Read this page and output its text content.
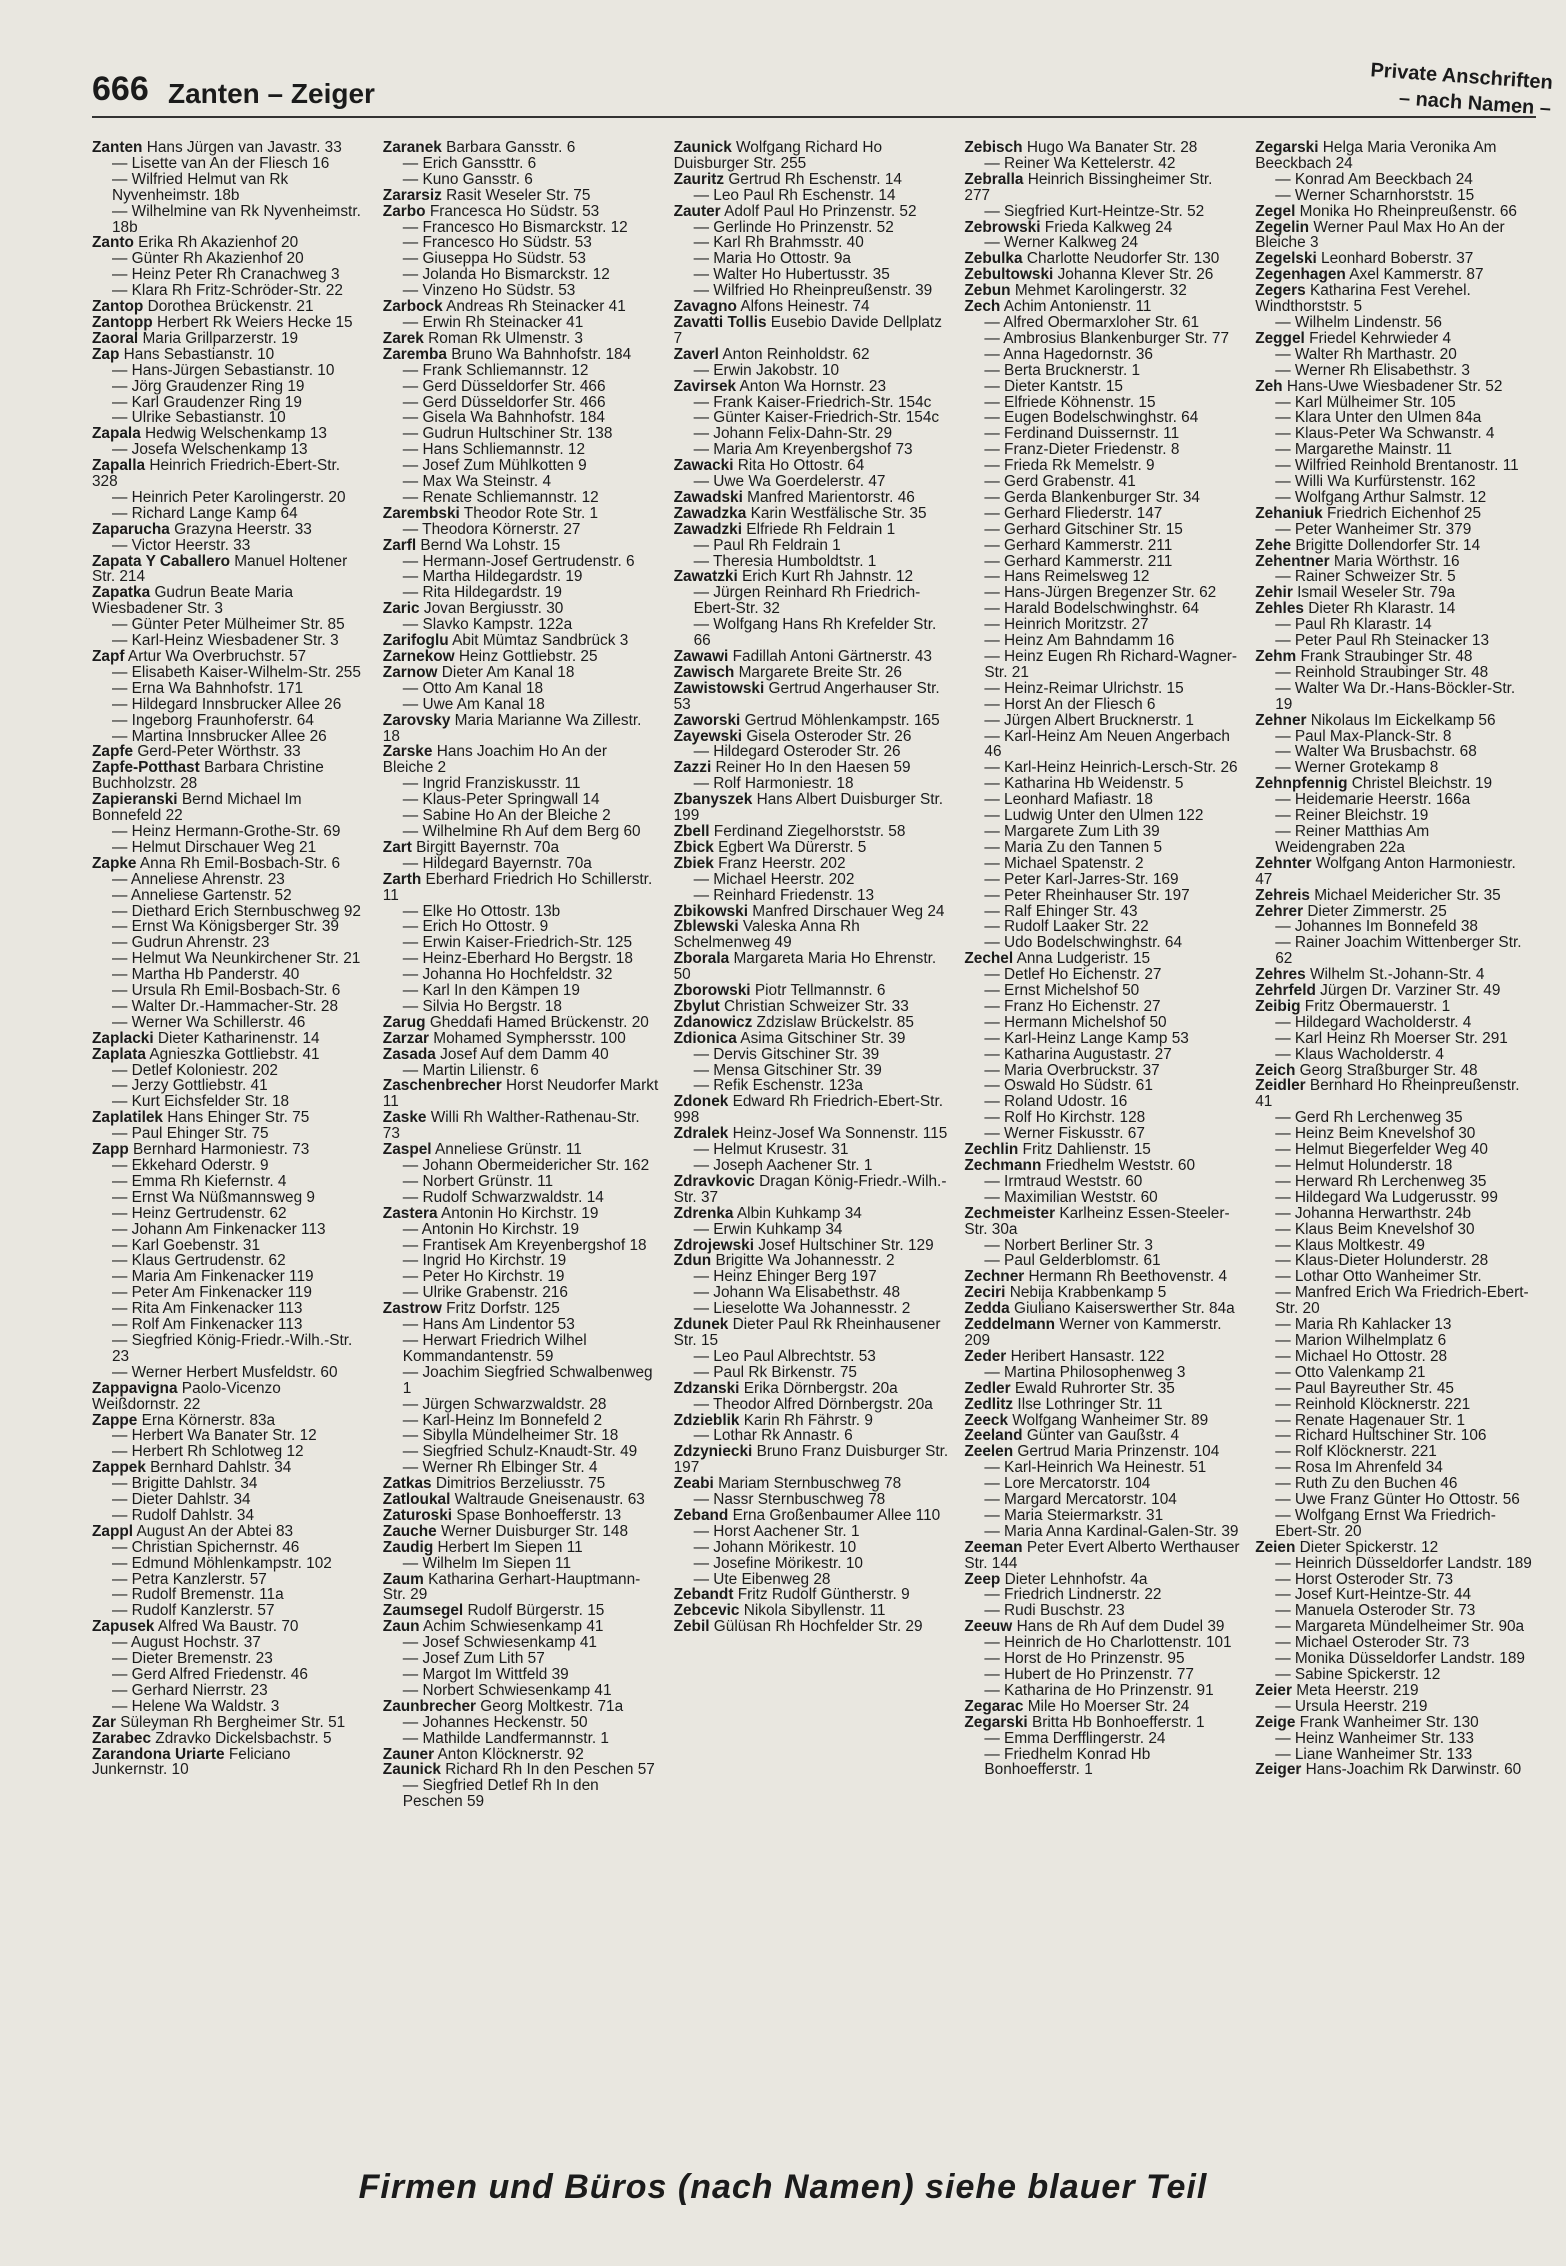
666 Zanten – Zeiger	Private Anschriften
– nach Namen –
Zanten Hans Jürgen van Javastr. 33
— Lisette van An der Fliesch 16
— Wilfried Helmut van Rk Nyvenheimstr. 18b
— Wilhelmine van Rk Nyvenheimstr. 18b
Zanto Erika Rh Akazienhof 20
— Günter Rh Akazienhof 20
— Heinz Peter Rh Cranachweg 3
— Klara Rh Fritz-Schröder-Str. 22
Zantop Dorothea Brückenstr. 21
Zantopp Herbert Rk Weiers Hecke 15
Zaoral Maria Grillparzerstr. 19
Zap Hans Sebastianstr. 10
— Hans-Jürgen Sebastianstr. 10
— Jörg Graudenzer Ring 19
— Karl Graudenzer Ring 19
— Ulrike Sebastianstr. 10
Zapala Hedwig Welschenkamp 13
— Josefa Welschenkamp 13
Zapalla Heinrich Friedrich-Ebert-Str. 328
— Heinrich Peter Karolingerstr. 20
— Richard Lange Kamp 64
Zaparucha Grazyna Heerstr. 33
— Victor Heerstr. 33
Zapata Y Caballero Manuel Holtener Str. 214
Zapatka Gudrun Beate Maria Wiesbadener Str. 3
— Günter Peter Mülheimer Str. 85
— Karl-Heinz Wiesbadener Str. 3
Zapf Artur Wa Overbruchstr. 57
— Elisabeth Kaiser-Wilhelm-Str. 255
— Erna Wa Bahnhofstr. 171
— Hildegard Innsbrucker Allee 26
— Ingeborg Fraunhoferstr. 64
— Martina Innsbrucker Allee 26
Zapfe Gerd-Peter Wörthstr. 33
Zapfe-Potthast Barbara Christine Buchholzstr. 28
Zapieranski Bernd Michael Im Bonnefeld 22
— Heinz Hermann-Grothe-Str. 69
— Helmut Dirschauer Weg 21
Zapke Anna Rh Emil-Bosbach-Str. 6
— Anneliese Ahrenstr. 23
— Anneliese Gartenstr. 52
— Diethard Erich Sternbuschweg 92
— Ernst Wa Königsberger Str. 39
— Gudrun Ahrenstr. 23
— Helmut Wa Neunkirchener Str. 21
— Martha Hb Panderstr. 40
— Ursula Rh Emil-Bosbach-Str. 6
— Walter Dr.-Hammacher-Str. 28
— Werner Wa Schillerstr. 46
Zaplacki Dieter Katharinenstr. 14
Zaplata Agnieszka Gottliebstr. 41
— Detlef Koloniestr. 202
— Jerzy Gottliebstr. 41
— Kurt Eichsfelder Str. 18
Zaplatilek Hans Ehinger Str. 75
— Paul Ehinger Str. 75
Zapp Bernhard Harmoniestr. 73
— Ekkehard Oderstr. 9
— Emma Rh Kiefernstr. 4
— Ernst Wa Nüßmannsweg 9
— Heinz Gertrudenstr. 62
— Johann Am Finkenacker 113
— Karl Goebenstr. 31
— Klaus Gertrudenstr. 62
— Maria Am Finkenacker 119
— Peter Am Finkenacker 119
— Rita Am Finkenacker 113
— Rolf Am Finkenacker 113
— Siegfried König-Friedr.-Wilh.-Str. 23
— Werner Herbert Musfeldstr. 60
Zappavigna Paolo-Vicenzo Weißdornstr. 22
Zappe Erna Körnerstr. 83a
— Herbert Wa Banater Str. 12
— Herbert Rh Schlotweg 12
Zappek Bernhard Dahlstr. 34
— Brigitte Dahlstr. 34
— Dieter Dahlstr. 34
— Rudolf Dahlstr. 34
Zappl August An der Abtei 83
— Christian Spichernstr. 46
— Edmund Möhlenkampstr. 102
— Petra Kanzlerstr. 57
— Rudolf Bremenstr. 11a
— Rudolf Kanzlerstr. 57
Zapusek Alfred Wa Baustr. 70
— August Hochstr. 37
— Dieter Bremenstr. 23
— Gerd Alfred Friedenstr. 46
— Gerhard Nierrstr. 23
— Helene Wa Waldstr. 3
Zar Süleyman Rh Bergheimer Str. 51
Zarabec Zdravko Dickelsbachstr. 5
Zarandona Uriarte Feliciano Junkernstr. 10
Zaranek Barbara Gansstr. 6
— Erich Ganssttr. 6
— Kuno Gansstr. 6
Zararsiz Rasit Weseler Str. 75
Zarbo Francesca Ho Südstr. 53
— Francesco Ho Bismarckstr. 12
— Francesco Ho Südstr. 53
— Giuseppa Ho Südstr. 53
— Jolanda Ho Bismarckstr. 12
— Vinzeno Ho Südstr. 53
Zarbock Andreas Rh Steinacker 41
— Erwin Rh Steinacker 41
Zarek Roman Rk Ulmenstr. 3
Zaremba Bruno Wa Bahnhofstr. 184
— Frank Schliemannstr. 12
— Gerd Düsseldorfer Str. 466
— Gerd Düsseldorfer Str. 466
— Gisela Wa Bahnhofstr. 184
— Gudrun Hultschiner Str. 138
— Hans Schliemannstr. 12
— Josef Zum Mühlkotten 9
— Max Wa Steinstr. 4
— Renate Schliemannstr. 12
Zarembski Theodor Rote Str. 1
— Theodora Körnerstr. 27
Zarfl Bernd Wa Lohstr. 15
— Hermann-Josef Gertrudenstr. 6
— Martha Hildegardstr. 19
— Rita Hildegardstr. 19
Zaric Jovan Bergiusstr. 30
— Slavko Kampstr. 122a
Zarifoglu Abit Mümtaz Sandbrück 3
Zarnekow Heinz Gottliebstr. 25
Zarnow Dieter Am Kanal 18
— Otto Am Kanal 18
— Uwe Am Kanal 18
Zarovsky Maria Marianne Wa Zillestr. 18
Zarske Hans Joachim Ho An der Bleiche 2
— Ingrid Franziskusstr. 11
— Klaus-Peter Springwall 14
— Sabine Ho An der Bleiche 2
— Wilhelmine Rh Auf dem Berg 60
Zart Birgitt Bayernstr. 70a
— Hildegard Bayernstr. 70a
Zarth Eberhard Friedrich Ho Schillerstr. 11
— Elke Ho Ottostr. 13b
— Erich Ho Ottostr. 9
— Erwin Kaiser-Friedrich-Str. 125
— Heinz-Eberhard Ho Bergstr. 18
— Johanna Ho Hochfeldstr. 32
— Karl In den Kämpen 19
— Silvia Ho Bergstr. 18
Zarug Gheddafi Hamed Brückenstr. 20
Zarzar Mohamed Symphersstr. 100
Zasada Josef Auf dem Damm 40
— Martin Lilienstr. 6
Zaschenbrecher Horst Neudorfer Markt 11
Zaske Willi Rh Walther-Rathenau-Str. 73
Zaspel Anneliese Grünstr. 11
— Johann Obermeidericher Str. 162
— Norbert Grünstr. 11
— Rudolf Schwarzwaldstr. 14
Zastera Antonin Ho Kirchstr. 19
— Antonin Ho Kirchstr. 19
— Frantisek Am Kreyenbergshof 18
— Ingrid Ho Kirchstr. 19
— Peter Ho Kirchstr. 19
— Ulrike Grabenstr. 216
Zastrow Fritz Dorfstr. 125
— Hans Am Lindentor 53
— Herwart Friedrich Wilhel Kommandantenstr. 59
— Joachim Siegfried Schwalbenweg 1
— Jürgen Schwarzwaldstr. 28
— Karl-Heinz Im Bonnefeld 2
— Sibylla Mündelheimer Str. 18
— Siegfried Schulz-Knaudt-Str. 49
— Werner Rh Elbinger Str. 4
Zatkas Dimitrios Berzeliusstr. 75
Zatloukal Waltraude Gneisenaustr. 63
Zaturoski Spase Bonhoefferstr. 13
Zauche Werner Duisburger Str. 148
Zaudig Herbert Im Siepen 11
— Wilhelm Im Siepen 11
Zaum Katharina Gerhart-Hauptmann-Str. 29
Zaumsegel Rudolf Bürgerstr. 15
Zaun Achim Schwiesenkamp 41
— Josef Schwiesenkamp 41
— Josef Zum Lith 57
— Margot Im Wittfeld 39
— Norbert Schwiesenkamp 41
Zaunbrecher Georg Moltkestr. 71a
— Johannes Heckenstr. 50
— Mathilde Landfermannstr. 1
Zauner Anton Klöcknerstr. 92
Zaunick Richard Rh In den Peschen 57
— Siegfried Detlef Rh In den Peschen 59
Zaunick Wolfgang Richard Ho Duisburger Str. 255
Zauritz Gertrud Rh Eschenstr. 14
— Leo Paul Rh Eschenstr. 14
Zauter Adolf Paul Ho Prinzenstr. 52
— Gerlinde Ho Prinzenstr. 52
— Karl Rh Brahmsstr. 40
— Maria Ho Ottostr. 9a
— Walter Ho Hubertusstr. 35
— Wilfried Ho Rheinpreußenstr. 39
Zavagno Alfons Heinestr. 74
Zavatti Tollis Eusebio Davide Dellplatz 7
Zaverl Anton Reinholdstr. 62
— Erwin Jakobstr. 10
Zavirsek Anton Wa Hornstr. 23
— Frank Kaiser-Friedrich-Str. 154c
— Günter Kaiser-Friedrich-Str. 154c
— Johann Felix-Dahn-Str. 29
— Maria Am Kreyenbergshof 73
Zawacki Rita Ho Ottostr. 64
— Uwe Wa Goerdelerstr. 47
Zawadski Manfred Marientorstr. 46
Zawadzka Karin Westfälische Str. 35
Zawadzki Elfriede Rh Feldrain 1
— Paul Rh Feldrain 1
— Theresia Humboldtstr. 1
Zawatzki Erich Kurt Rh Jahnstr. 12
— Jürgen Reinhard Rh Friedrich-Ebert-Str. 32
— Wolfgang Hans Rh Krefelder Str. 66
Zawawi Fadillah Antoni Gärtnerstr. 43
Zawisch Margarete Breite Str. 26
Zawistowski Gertrud Angerhauser Str. 53
Zaworski Gertrud Möhlenkampstr. 165
Zayewski Gisela Osteroder Str. 26
— Hildegard Osteroder Str. 26
Zazzi Reiner Ho In den Haesen 59
— Rolf Harmoniestr. 18
Zbanyszek Hans Albert Duisburger Str. 199
Zbell Ferdinand Ziegelhorststr. 58
Zbick Egbert Wa Dürerstr. 5
Zbiek Franz Heerstr. 202
— Michael Heerstr. 202
— Reinhard Friedenstr. 13
Zbikowski Manfred Dirschauer Weg 24
Zblewski Valeska Anna Rh Schelmenweg 49
Zborala Margareta Maria Ho Ehrenstr. 50
Zborowski Piotr Tellmannstr. 6
Zbylut Christian Schweizer Str. 33
Zdanowicz Zdzislaw Brückelstr. 85
Zdionica Asima Gitschiner Str. 39
— Dervis Gitschiner Str. 39
— Mensa Gitschiner Str. 39
— Refik Eschenstr. 123a
Zdonek Edward Rh Friedrich-Ebert-Str. 998
Zdralek Heinz-Josef Wa Sonnenstr. 115
— Helmut Krusestr. 31
— Joseph Aachener Str. 1
Zdravkovic Dragan König-Friedr.-Wilh.-Str. 37
Zdrenka Albin Kuhkamp 34
— Erwin Kuhkamp 34
Zdrojewski Josef Hultschiner Str. 129
Zdun Brigitte Wa Johannesstr. 2
— Heinz Ehinger Berg 197
— Johann Wa Elisabethstr. 48
— Lieselotte Wa Johannesstr. 2
Zdunek Dieter Paul Rk Rheinhausener Str. 15
— Leo Paul Albrechtstr. 53
— Paul Rk Birkenstr. 75
Zdzanski Erika Dörnbergstr. 20a
— Theodor Alfred Dörnbergstr. 20a
Zdzieblik Karin Rh Fährstr. 9
— Lothar Rk Annastr. 6
Zdzyniecki Bruno Franz Duisburger Str. 197
Zeabi Mariam Sternbuschweg 78
— Nassr Sternbuschweg 78
Zeband Erna Großenbaumer Allee 110
— Horst Aachener Str. 1
— Johann Mörikestr. 10
— Josefine Mörikestr. 10
— Ute Eibenweg 28
Zebandt Fritz Rudolf Güntherstr. 9
Zebcevic Nikola Sibyllenstr. 11
Zebil Gülüsan Rh Hochfelder Str. 29
Zebisch Hugo Wa Banater Str. 28
— Reiner Wa Kettelerstr. 42
Zebralla Heinrich Bissingheimer Str. 277
— Siegfried Kurt-Heintze-Str. 52
Zebrowski Frieda Kalkweg 24
— Werner Kalkweg 24
Zebulka Charlotte Neudorfer Str. 130
Zebultowski Johanna Klever Str. 26
Zebun Mehmet Karolingerstr. 32
Zech Achim Antonienstr. 11
— Alfred Obermarxloher Str. 61
— Ambrosius Blankenburger Str. 77
— Anna Hagedornstr. 36
— Berta Brucknerstr. 1
— Dieter Kantstr. 15
— Elfriede Köhnenstr. 15
— Eugen Bodelschwinghstr. 64
— Ferdinand Duissernstr. 11
— Franz-Dieter Friedenstr. 8
— Frieda Rk Memelstr. 9
— Gerd Grabenstr. 41
— Gerda Blankenburger Str. 34
— Gerhard Fliederstr. 147
— Gerhard Gitschiner Str. 15
— Gerhard Kammerstr. 211
— Gerhard Kammerstr. 211
— Hans Reimelsweg 12
— Hans-Jürgen Bregenzer Str. 62
— Harald Bodelschwinghstr. 64
— Heinrich Moritzstr. 27
— Heinz Am Bahndamm 16
— Heinz Eugen Rh Richard-Wagner-Str. 21
— Heinz-Reimar Ulrichstr. 15
— Horst An der Fliesch 6
— Jürgen Albert Brucknerstr. 1
— Karl-Heinz Am Neuen Angerbach 46
— Karl-Heinz Heinrich-Lersch-Str. 26
— Katharina Hb Weidenstr. 5
— Leonhard Mafiastr. 18
— Ludwig Unter den Ulmen 122
— Margarete Zum Lith 39
— Maria Zu den Tannen 5
— Michael Spatenstr. 2
— Peter Karl-Jarres-Str. 169
— Peter Rheinhauser Str. 197
— Ralf Ehinger Str. 43
— Rudolf Laaker Str. 22
— Udo Bodelschwinghstr. 64
Zechel Anna Ludgeristr. 15
— Detlef Ho Eichenstr. 27
— Ernst Michelshof 50
— Franz Ho Eichenstr. 27
— Hermann Michelshof 50
— Karl-Heinz Lange Kamp 53
— Katharina Augustastr. 27
— Maria Overbruckstr. 37
— Oswald Ho Südstr. 61
— Roland Udostr. 16
— Rolf Ho Kirchstr. 128
— Werner Fiskusstr. 67
Zechlin Fritz Dahlienstr. 15
Zechmann Friedhelm Weststr. 60
— Irmtraud Weststr. 60
— Maximilian Weststr. 60
Zechmeister Karlheinz Essen-Steeler-Str. 30a
— Norbert Berliner Str. 3
— Paul Gelderblomstr. 61
Zechner Hermann Rh Beethovenstr. 4
Zeciri Nebija Krabbenkamp 5
Zedda Giuliano Kaiserswerther Str. 84a
Zeddelmann Werner von Kammerstr. 209
Zeder Heribert Hansastr. 122
— Martina Philosophenweg 3
Zedler Ewald Ruhrorter Str. 35
Zedlitz Ilse Lothringer Str. 11
Zeeck Wolfgang Wanheimer Str. 89
Zeeland Günter van Gaußstr. 4
Zeelen Gertrud Maria Prinzenstr. 104
— Karl-Heinrich Wa Heinestr. 51
— Lore Mercatorstr. 104
— Margard Mercatorstr. 104
— Maria Steiermarkstr. 31
— Maria Anna Kardinal-Galen-Str. 39
Zeeman Peter Evert Alberto Werthauser Str. 144
Zeep Dieter Lehnhofstr. 4a
— Friedrich Lindnerstr. 22
— Rudi Buschstr. 23
Zeeuw Hans de Rh Auf dem Dudel 39
— Heinrich de Ho Charlottenstr. 101
— Horst de Ho Prinzenstr. 95
— Hubert de Ho Prinzenstr. 77
— Katharina de Ho Prinzenstr. 91
Zegarac Mile Ho Moerser Str. 24
Zegarski Britta Hb Bonhoefferstr. 1
— Emma Derfflingerstr. 24
— Friedhelm Konrad Hb Bonhoefferstr. 1
Zegarski Helga Maria Veronika Am Beeckbach 24
— Konrad Am Beeckbach 24
— Werner Scharnhorststr. 15
Zegel Monika Ho Rheinpreußenstr. 66
Zegelin Werner Paul Max Ho An der Bleiche 3
Zegelski Leonhard Boberstr. 37
Zegenhagen Axel Kammerstr. 87
Zegers Katharina Fest Verehel. Windthorststr. 5
— Wilhelm Lindenstr. 56
Zeggel Friedel Kehrwieder 4
— Walter Rh Marthastr. 20
— Werner Rh Elisabethstr. 3
Zeh Hans-Uwe Wiesbadener Str. 52
— Karl Mülheimer Str. 105
— Klara Unter den Ulmen 84a
— Klaus-Peter Wa Schwanstr. 4
— Margarethe Mainstr. 11
— Wilfried Reinhold Brentanostr. 11
— Willi Wa Kurfürstenstr. 162
— Wolfgang Arthur Salmstr. 12
Zehaniuk Friedrich Eichenhof 25
— Peter Wanheimer Str. 379
Zehe Brigitte Dollendorfer Str. 14
Zehentner Maria Wörthstr. 16
— Rainer Schweizer Str. 5
Zehir Ismail Weseler Str. 79a
Zehles Dieter Rh Klarastr. 14
— Paul Rh Klarastr. 14
— Peter Paul Rh Steinacker 13
Zehm Frank Straubinger Str. 48
— Reinhold Straubinger Str. 48
— Walter Wa Dr.-Hans-Böckler-Str. 19
Zehner Nikolaus Im Eickelkamp 56
— Paul Max-Planck-Str. 8
— Walter Wa Brusbachstr. 68
— Werner Grotekamp 8
Zehnpfennig Christel Bleichstr. 19
— Heidemarie Heerstr. 166a
— Reiner Bleichstr. 19
— Reiner Matthias Am Weidengraben 22a
Zehnter Wolfgang Anton Harmoniestr. 47
Zehreis Michael Meidericher Str. 35
Zehrer Dieter Zimmerstr. 25
— Johannes Im Bonnefeld 38
— Rainer Joachim Wittenberger Str. 62
Zehres Wilhelm St.-Johann-Str. 4
Zehrfeld Jürgen Dr. Varziner Str. 49
Zeibig Fritz Obermauerstr. 1
— Hildegard Wacholderstr. 4
— Karl Heinz Rh Moerser Str. 291
— Klaus Wacholderstr. 4
Zeich Georg Straßburger Str. 48
Zeidler Bernhard Ho Rheinpreußenstr. 41
— Gerd Rh Lerchenweg 35
— Heinz Beim Knevelshof 30
— Helmut Biegerfelder Weg 40
— Helmut Holunderstr. 18
— Herward Rh Lerchenweg 35
— Hildegard Wa Ludgerusstr. 99
— Johanna Herwarthstr. 24b
— Klaus Beim Knevelshof 30
— Klaus Moltkestr. 49
— Klaus-Dieter Holunderstr. 28
— Lothar Otto Wanheimer Str.
— Manfred Erich Wa Friedrich-Ebert-Str. 20
— Maria Rh Kahlacker 13
— Marion Wilhelmplatz 6
— Michael Ho Ottostr. 28
— Otto Valenkamp 21
— Paul Bayreuther Str. 45
— Reinhold Klöcknerstr. 221
— Renate Hagenauer Str. 1
— Richard Hultschiner Str. 106
— Rolf Klöcknerstr. 221
— Rosa Im Ahrenfeld 34
— Ruth Zu den Buchen 46
— Uwe Franz Günter Ho Ottostr. 56
— Wolfgang Ernst Wa Friedrich-Ebert-Str. 20
Zeien Dieter Spickerstr. 12
— Heinrich Düsseldorfer Landstr. 189
— Horst Osteroder Str. 73
— Josef Kurt-Heintze-Str. 44
— Manuela Osteroder Str. 73
— Margareta Mündelheimer Str. 90a
— Michael Osteroder Str. 73
— Monika Düsseldorfer Landstr. 189
— Sabine Spickerstr. 12
Zeier Meta Heerstr. 219
— Ursula Heerstr. 219
Zeige Frank Wanheimer Str. 130
— Heinz Wanheimer Str. 133
— Liane Wanheimer Str. 133
Zeiger Hans-Joachim Rk Darwinstr. 60
Firmen und Büros (nach Namen) siehe blauer Teil
